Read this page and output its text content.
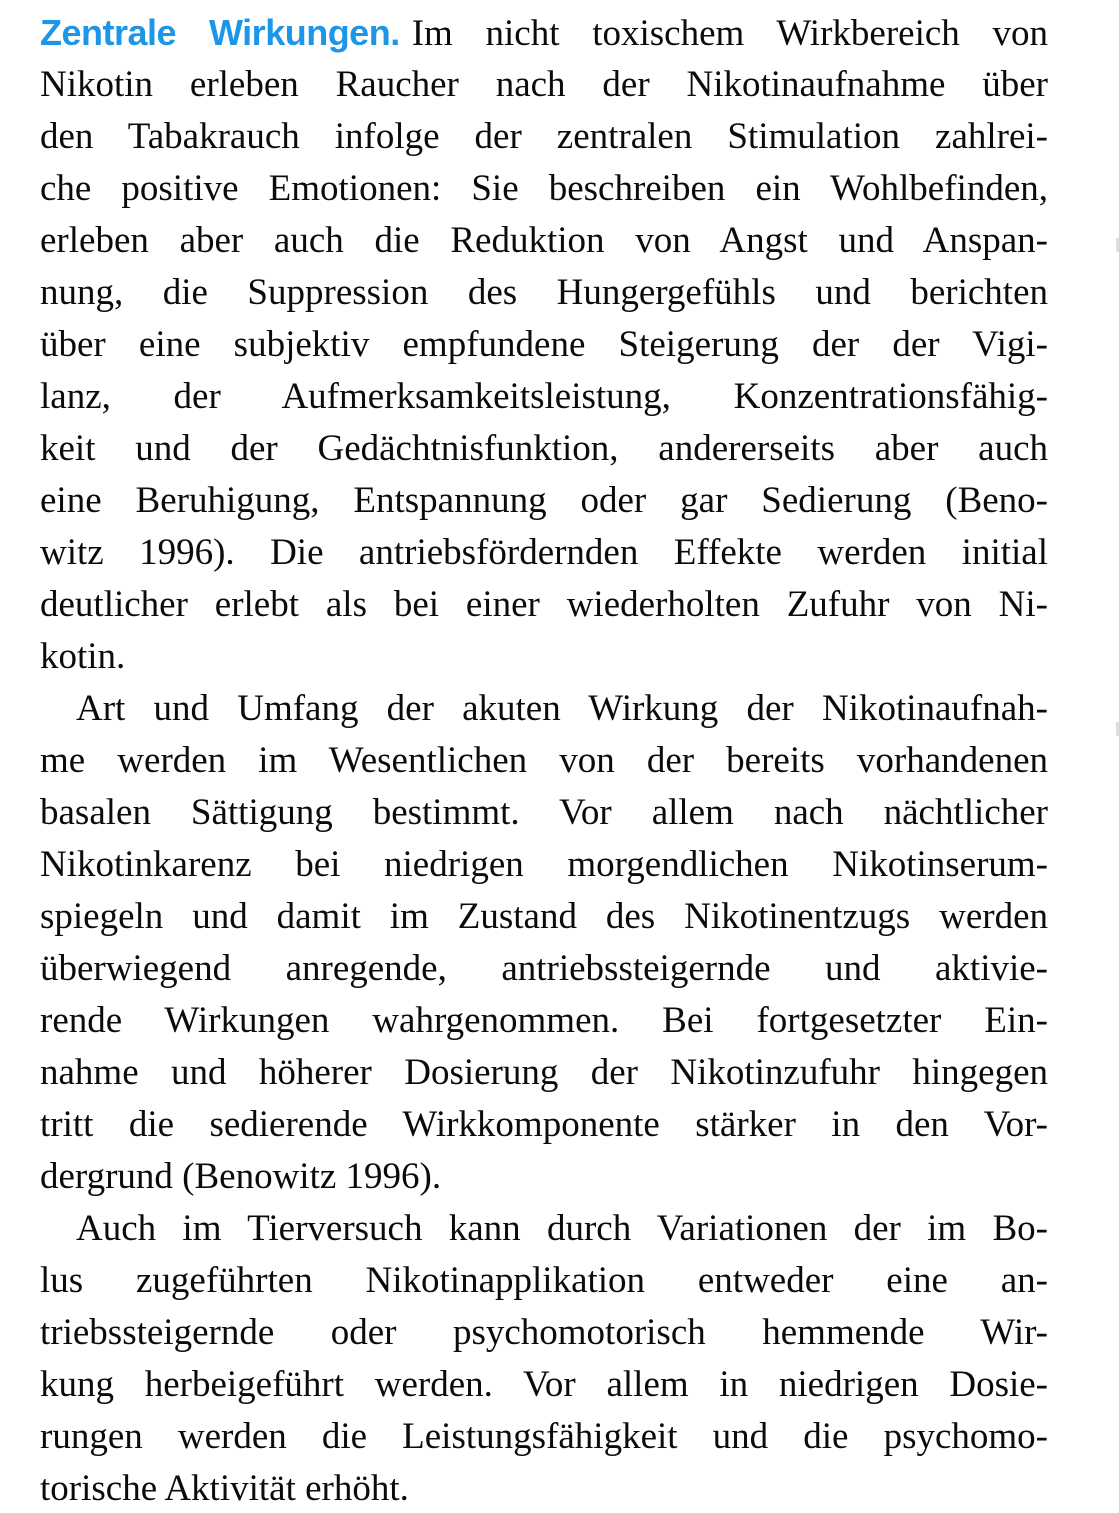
Zentrale Wirkungen. Im nicht toxischem Wirkbereich von
Nikotin erleben Raucher nach der Nikotinaufnahme über
den Tabakrauch infolge der zentralen Stimulation zahlrei-
che positive Emotionen: Sie beschreiben ein Wohlbefinden,
erleben aber auch die Reduktion von Angst und Anspan-
nung, die Suppression des Hungergefühls und berichten
über eine subjektiv empfundene Steigerung der der Vigi-
lanz, der Aufmerksamkeitsleistung, Konzentrationsfähig-
keit und der Gedächtnisfunktion, andererseits aber auch
eine Beruhigung, Entspannung oder gar Sedierung (Beno-
witz 1996). Die antriebsfördernden Effekte werden initial
deutlicher erlebt als bei einer wiederholten Zufuhr von Ni-
kotin.
Art und Umfang der akuten Wirkung der Nikotinaufnah-
me werden im Wesentlichen von der bereits vorhandenen
basalen Sättigung bestimmt. Vor allem nach nächtlicher
Nikotinkarenz bei niedrigen morgendlichen Nikotinserum-
spiegeln und damit im Zustand des Nikotinentzugs werden
überwiegend anregende, antriebssteigernde und aktivie-
rende Wirkungen wahrgenommen. Bei fortgesetzter Ein-
nahme und höherer Dosierung der Nikotinzufuhr hingegen
tritt die sedierende Wirkkomponente stärker in den Vor-
dergrund (Benowitz 1996).
Auch im Tierversuch kann durch Variationen der im Bo-
lus zugeführten Nikotinapplikation entweder eine an-
triebssteigernde oder psychomotorisch hemmende Wir-
kung herbeigeführt werden. Vor allem in niedrigen Dosie-
rungen werden die Leistungsfähigkeit und die psychomo-
torische Aktivität erhöht.
